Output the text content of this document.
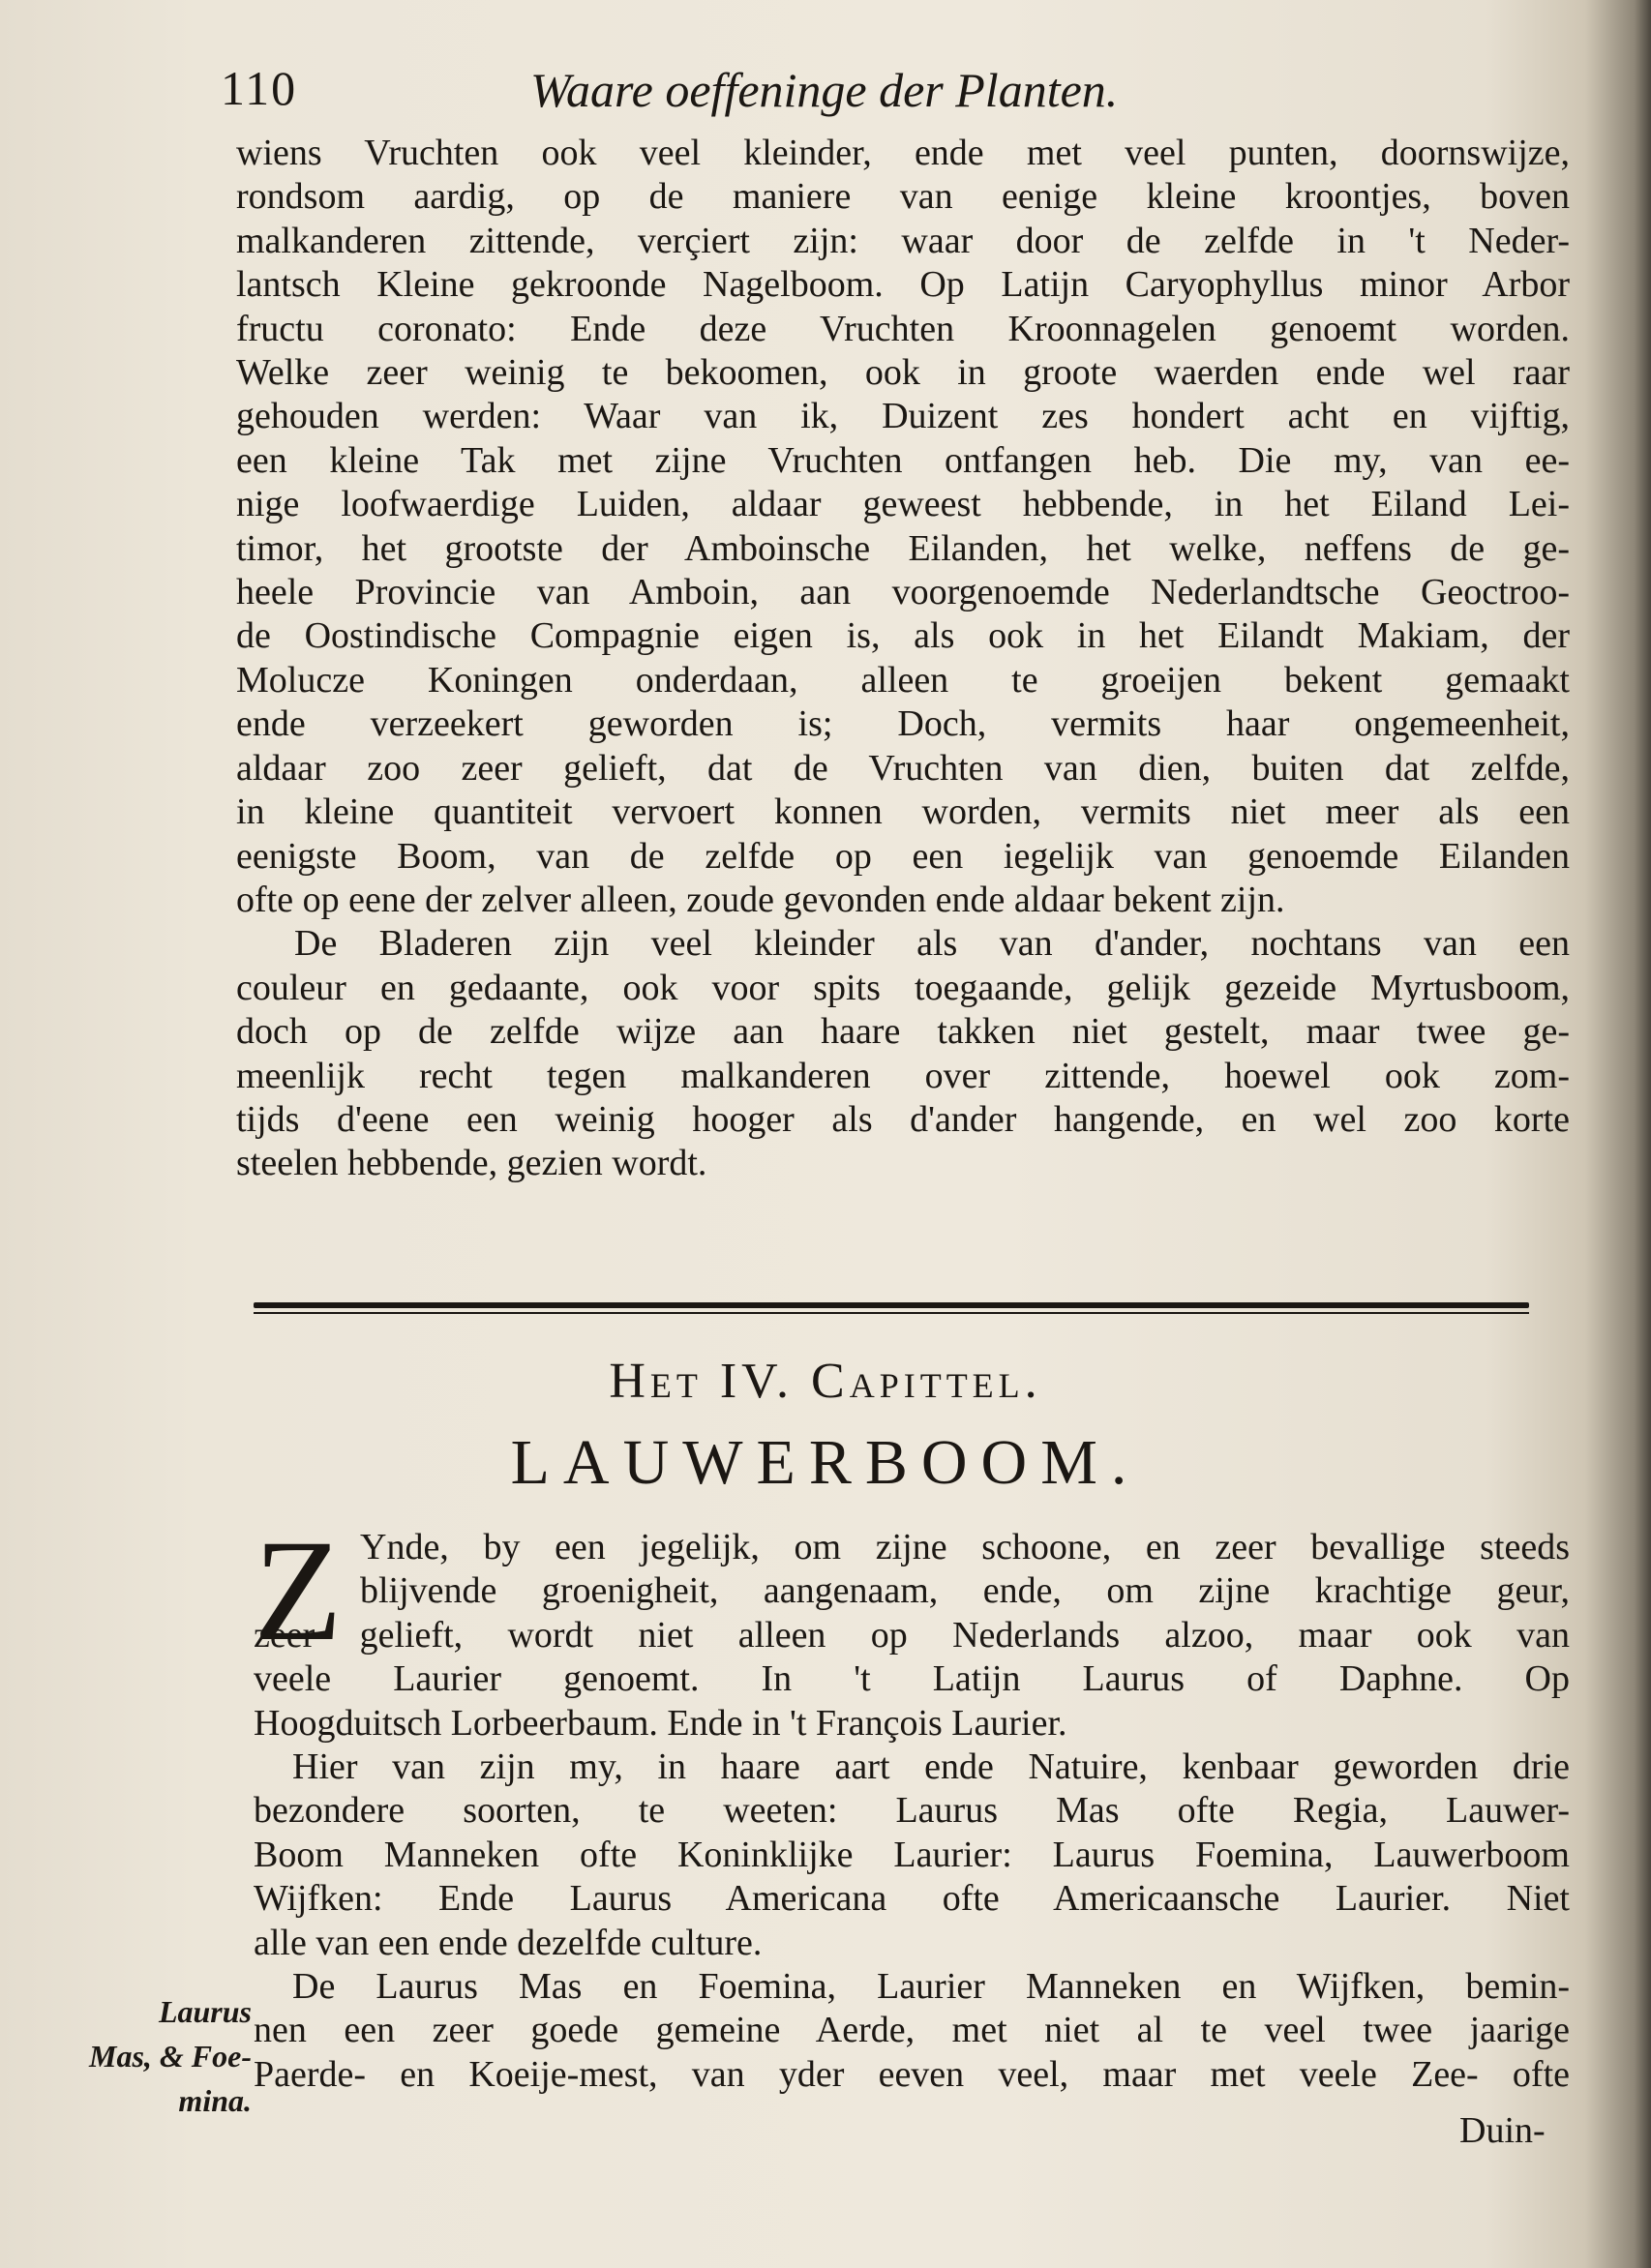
110	Waare oeffeninge der Planten.
wiens Vruchten ook veel kleinder, ende met veel punten, doornswijze,
rondsom aardig, op de maniere van eenige kleine kroontjes, boven
malkanderen zittende, verçiert zijn: waar door de zelfde in 't Neder-
lantsch Kleine gekroonde Nagelboom. Op Latijn Caryophyllus minor Arbor
fructu coronato: Ende deze Vruchten Kroonnagelen genoemt worden.
Welke zeer weinig te bekoomen, ook in groote waerden ende wel raar
gehouden werden: Waar van ik, Duizent zes hondert acht en vijftig,
een kleine Tak met zijne Vruchten ontfangen heb. Die my, van ee-
nige loofwaerdige Luiden, aldaar geweest hebbende, in het Eiland Lei-
timor, het grootste der Amboinsche Eilanden, het welke, neffens de ge-
heele Provincie van Amboin, aan voorgenoemde Nederlandtsche Geoctroo-
de Oostindische Compagnie eigen is, als ook in het Eilandt Makiam, der
Molucze Koningen onderdaan, alleen te groeijen bekent gemaakt
ende verzeekert geworden is; Doch, vermits haar ongemeenheit,
aldaar zoo zeer gelieft, dat de Vruchten van dien, buiten dat zelfde,
in kleine quantiteit vervoert konnen worden, vermits niet meer als een
eenigste Boom, van de zelfde op een iegelijk van genoemde Eilanden
ofte op eene der zelver alleen, zoude gevonden ende aldaar bekent zijn.
De Bladeren zijn veel kleinder als van d'ander, nochtans van een
couleur en gedaante, ook voor spits toegaande, gelijk gezeide Myrtusboom,
doch op de zelfde wijze aan haare takken niet gestelt, maar twee ge-
meenlijk recht tegen malkanderen over zittende, hoewel ook zom-
tijds d'eene een weinig hooger als d'ander hangende, en wel zoo korte
steelen hebbende, gezien wordt.
Het IV. Capittel.
LAUWERBOOM.
Z Ynde, by een jegelijk, om zijne schoone, en zeer bevallige steeds
blijvende groenigheit, aangenaam, ende, om zijne krachtige geur,
zeer gelieft, wordt niet alleen op Nederlands alzoo, maar ook van
veele Laurier genoemt. In 't Latijn Laurus of Daphne. Op
Hoogduitsch Lorbeerbaum. Ende in 't François Laurier.
Hier van zijn my, in haare aart ende Natuire, kenbaar geworden drie
bezondere soorten, te weeten: Laurus Mas ofte Regia, Lauwer-
Boom Manneken ofte Koninklijke Laurier: Laurus Foemina, Lauwerboom
Wijfken: Ende Laurus Americana ofte Americaansche Laurier. Niet
alle van een ende dezelfde culture.
De Laurus Mas en Foemina, Laurier Manneken en Wijfken, bemin-
nen een zeer goede gemeine Aerde, met niet al te veel twee jaarige
Paerde- en Koeije-mest, van yder eeven veel, maar met veele Zee- ofte
Laurus
Mas, & Foe-
mina.
Duin-
